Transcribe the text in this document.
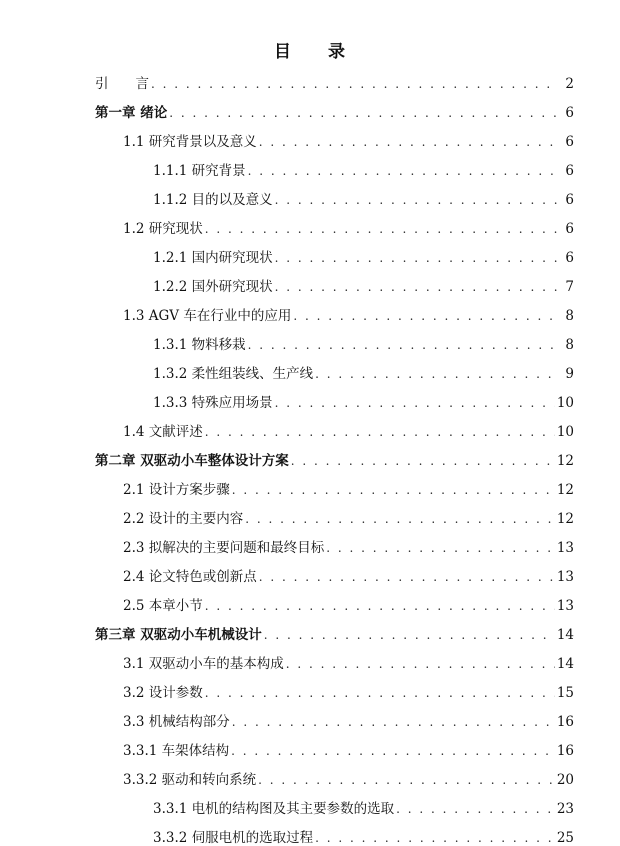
目 录
引　　言 . . .	2
第一章 绪论 . . .	6
1.1 研究背景以及意义 . . .	6
1.1.1 研究背景 . . .	6
1.1.2 目的以及意义 . . .	6
1.2 研究现状 . . .	6
1.2.1 国内研究现状 . . .	6
1.2.2 国外研究现状 . . .	7
1.3 AGV 车在行业中的应用 . . .	8
1.3.1 物料移栽 . . .	8
1.3.2 柔性组装线、生产线 . . .	9
1.3.3 特殊应用场景 . . .	10
1.4 文献评述 . . .	10
第二章 双驱动小车整体设计方案 . . .	12
2.1 设计方案步骤 . . .	12
2.2 设计的主要内容 . . .	12
2.3 拟解决的主要问题和最终目标 . . .	13
2.4 论文特色或创新点 . . .	13
2.5 本章小节 . . .	13
第三章 双驱动小车机械设计 . . .	14
3.1 双驱动小车的基本构成 . . .	14
3.2 设计参数 . . .	15
3.3 机械结构部分 . . .	16
3.3.1 车架体结构 . . .	16
3.3.2 驱动和转向系统 . . .	20
3.3.1 电机的结构图及其主要参数的选取 . . .	23
3.3.2 伺服电机的选取过程 . . .	25
